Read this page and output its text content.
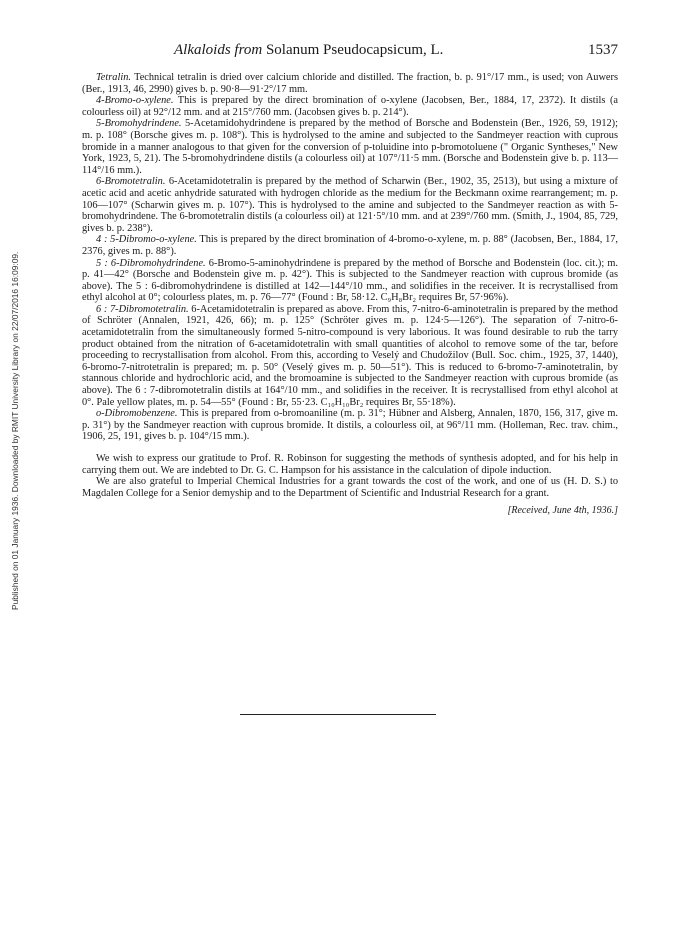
Published on 01 January 1936. Downloaded by RMIT University Library on 22/07/2016 16:09:09.
Alkaloids from Solanum Pseudocapsicum, L.	1537

Tetralin. Technical tetralin is dried over calcium chloride and distilled. The fraction, b. p. 91°/17 mm., is used; von Auwers (Ber., 1913, 46, 2990) gives b. p. 90·8—91·2°/17 mm.

4-Bromo-o-xylene. This is prepared by the direct bromination of o-xylene (Jacobsen, Ber., 1884, 17, 2372). It distils (a colourless oil) at 92°/12 mm. and at 215°/760 mm. (Jacobsen gives b. p. 214°).

5-Bromohydrindene. 5-Acetamidohydrindene is prepared by the method of Borsche and Bodenstein (Ber., 1926, 59, 1912); m. p. 108° (Borsche gives m. p. 108°). This is hydrolysed to the amine and subjected to the Sandmeyer reaction with cuprous bromide in a manner analogous to that given for the conversion of p-toluidine into p-bromotoluene (" Organic Syntheses," New York, 1923, 5, 21). The 5-bromohydrindene distils (a colourless oil) at 107°/11·5 mm. (Borsche and Bodenstein give b. p. 113—114°/16 mm.).

6-Bromotetralin. 6-Acetamidotetralin is prepared by the method of Scharwin (Ber., 1902, 35, 2513), but using a mixture of acetic acid and acetic anhydride saturated with hydrogen chloride as the medium for the Beckmann oxime rearrangement; m. p. 106—107° (Scharwin gives m. p. 107°). This is hydrolysed to the amine and subjected to the Sandmeyer reaction as with 5-bromohydrindene. The 6-bromotetralin distils (a colourless oil) at 121·5°/10 mm. and at 239°/760 mm. (Smith, J., 1904, 85, 729, gives b. p. 238°).

4 : 5-Dibromo-o-xylene. This is prepared by the direct bromination of 4-bromo-o-xylene, m. p. 88° (Jacobsen, Ber., 1884, 17, 2376, gives m. p. 88°).

5 : 6-Dibromohydrindene. 6-Bromo-5-aminohydrindene is prepared by the method of Borsche and Bodenstein (loc. cit.); m. p. 41—42° (Borsche and Bodenstein give m. p. 42°). This is subjected to the Sandmeyer reaction with cuprous bromide (as above). The 5 : 6-dibromohydrindene is distilled at 142—144°/10 mm., and solidifies in the receiver. It is recrystallised from ethyl alcohol at 0°; colourless plates, m. p. 76—77° (Found : Br, 58·12. C₉H₈Br₂ requires Br, 57·96%).

6 : 7-Dibromotetralin. 6-Acetamidotetralin is prepared as above. From this, 7-nitro-6-aminotetralin is prepared by the method of Schröter (Annalen, 1921, 426, 66); m. p. 125° (Schröter gives m. p. 124·5—126°). The separation of 7-nitro-6-acetamidotetralin from the simultaneously formed 5-nitro-compound is very laborious. It was found desirable to rub the tarry product obtained from the nitration of 6-acetamidotetralin with small quantities of alcohol to remove some of the tar, before proceeding to recrystallisation from alcohol. From this, according to Veselý and Chudožilov (Bull. Soc. chim., 1925, 37, 1440), 6-bromo-7-nitrotetralin is prepared; m. p. 50° (Veselý gives m. p. 50—51°). This is reduced to 6-bromo-7-aminotetralin, by stannous chloride and hydrochloric acid, and the bromoamine is subjected to the Sandmeyer reaction with cuprous bromide (as above). The 6 : 7-dibromotetralin distils at 164°/10 mm., and solidifies in the receiver. It is recrystallised from ethyl alcohol at 0°. Pale yellow plates, m. p. 54—55° (Found : Br, 55·23. C₁₀H₁₀Br₂ requires Br, 55·18%).

o-Dibromobenzene. This is prepared from o-bromoaniline (m. p. 31°; Hübner and Alsberg, Annalen, 1870, 156, 317, give m. p. 31°) by the Sandmeyer reaction with cuprous bromide. It distils, a colourless oil, at 96°/11 mm. (Holleman, Rec. trav. chim., 1906, 25, 191, gives b. p. 104°/15 mm.).

We wish to express our gratitude to Prof. R. Robinson for suggesting the methods of synthesis adopted, and for his help in carrying them out. We are indebted to Dr. G. C. Hampson for his assistance in the calculation of dipole induction.

We are also grateful to Imperial Chemical Industries for a grant towards the cost of the work, and one of us (H. D. S.) to Magdalen College for a Senior demyship and to the Department of Scientific and Industrial Research for a grant.

[Received, June 4th, 1936.]
